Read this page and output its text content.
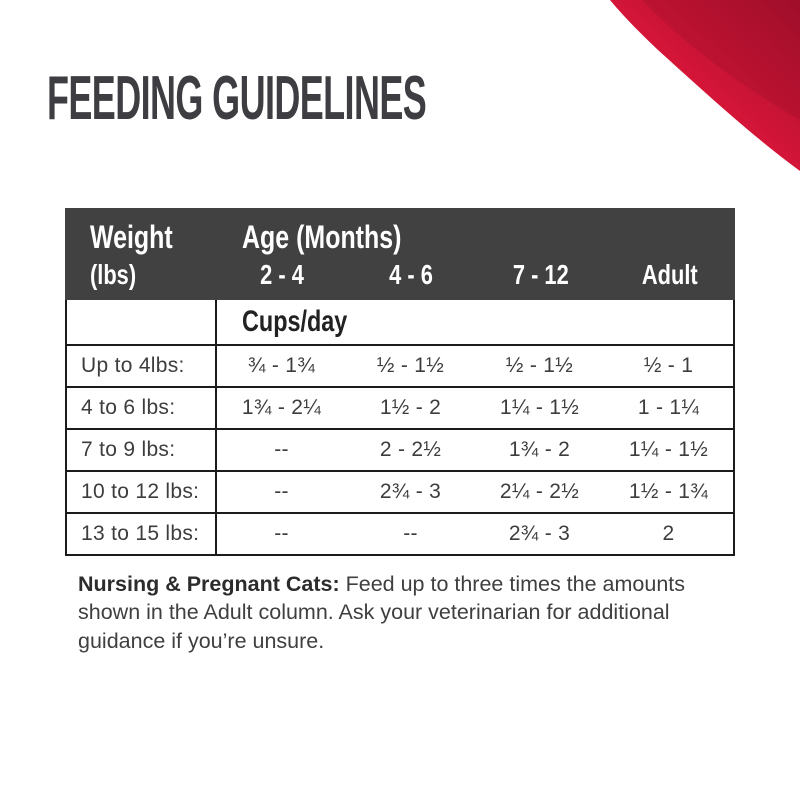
FEEDING GUIDELINES
Weight
(lbs)
Age (Months)
2 - 4	4 - 6	7 - 12	Adult
Cups/day
Up to 4lbs:	¾ - 1¾	½ - 1½	½ - 1½	½ - 1
4 to 6 lbs:	1¾ - 2¼	1½ - 2	1¼ - 1½	1 - 1¼
7 to 9 lbs:	--	2 - 2½	1¾ - 2	1¼ - 1½
10 to 12 lbs:	--	2¾ - 3	2¼ - 2½	1½ - 1¾
13 to 15 lbs:	--	--	2¾ - 3	2

Nursing & Pregnant Cats: Feed up to three times the amounts shown in the Adult column. Ask your veterinarian for additional guidance if you’re unsure.
